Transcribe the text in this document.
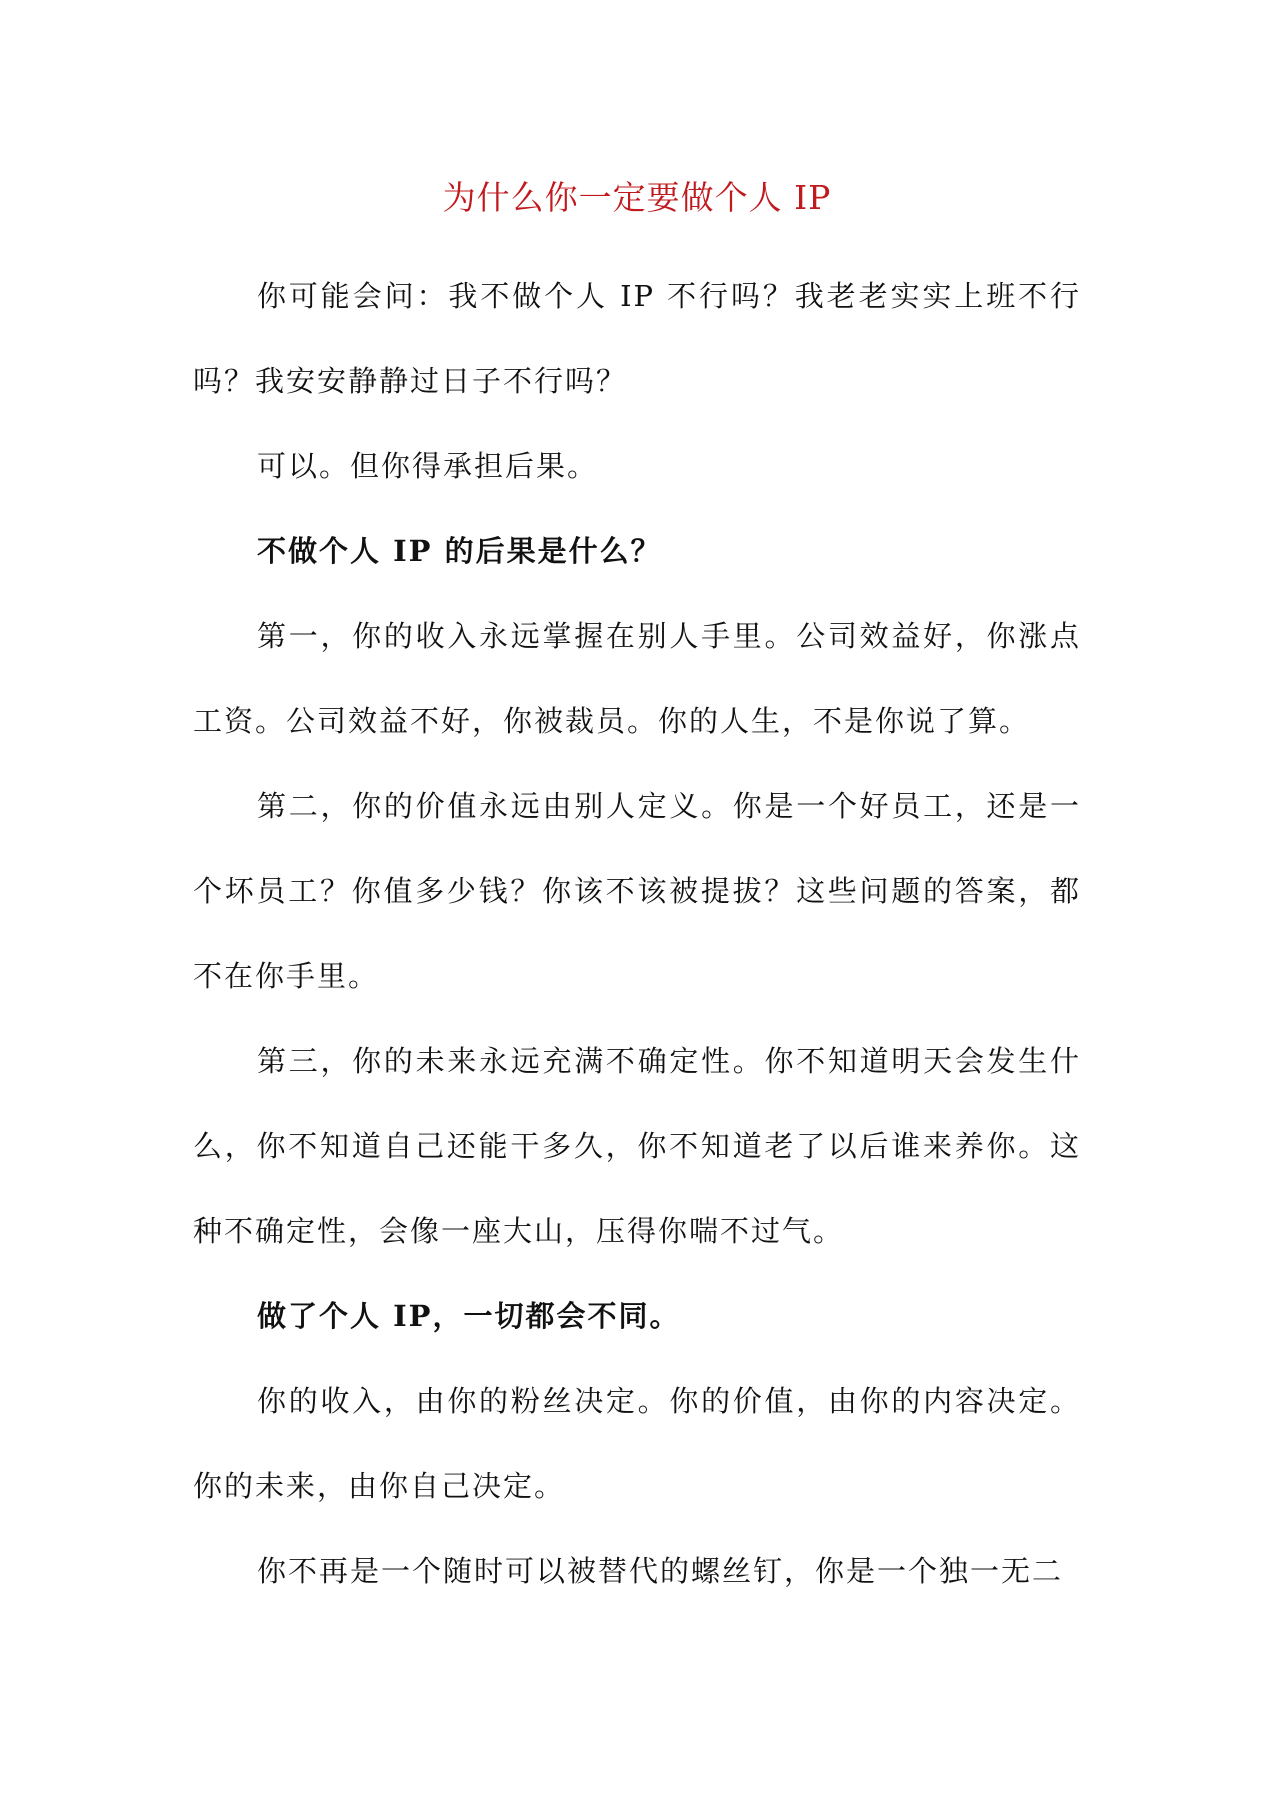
为什么你一定要做个人 IP

你可能会问：我不做个人 IP 不行吗？我老老实实上班不行吗？我安安静静过日子不行吗？

可以。但你得承担后果。

不做个人 IP 的后果是什么？

第一，你的收入永远掌握在别人手里。公司效益好，你涨点工资。公司效益不好，你被裁员。你的人生，不是你说了算。

第二，你的价值永远由别人定义。你是一个好员工，还是一个坏员工？你值多少钱？你该不该被提拔？这些问题的答案，都不在你手里。

第三，你的未来永远充满不确定性。你不知道明天会发生什么，你不知道自己还能干多久，你不知道老了以后谁来养你。这种不确定性，会像一座大山，压得你喘不过气。

做了个人 IP，一切都会不同。

你的收入，由你的粉丝决定。你的价值，由你的内容决定。你的未来，由你自己决定。

你不再是一个随时可以被替代的螺丝钉，你是一个独一无二
